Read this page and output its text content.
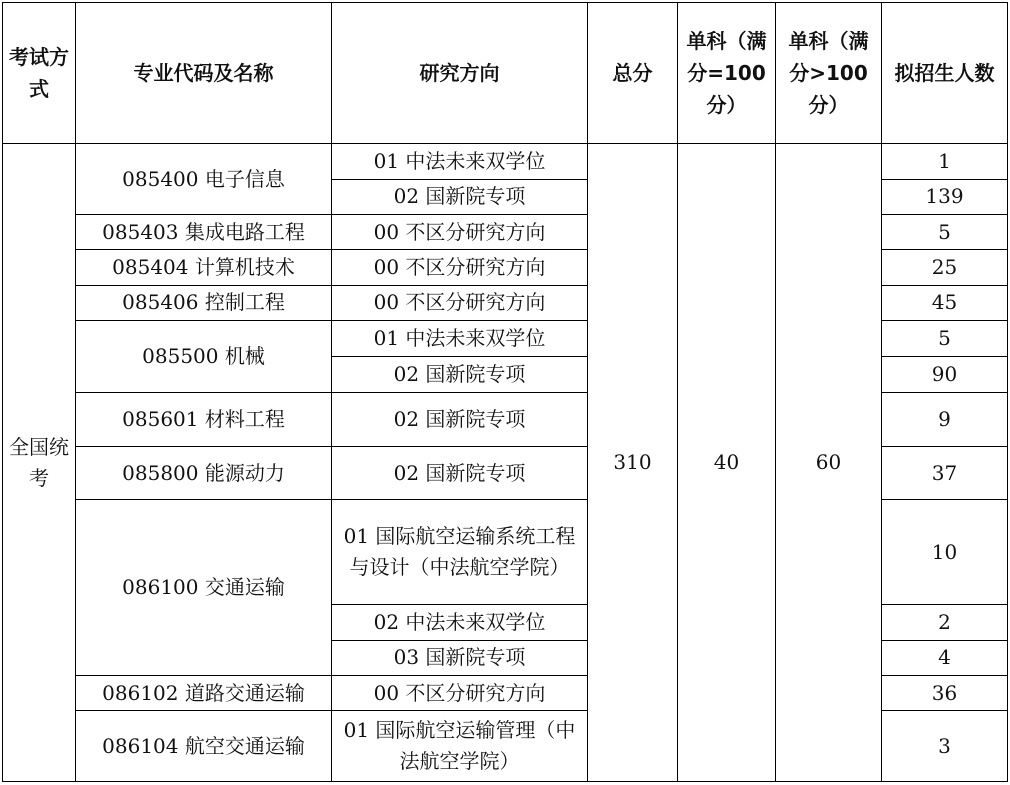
考试方式	专业代码及名称	研究方向	总分	单科（满分=100分）	单科（满分>100分）	拟招生人数
全国统考	085400 电子信息	01 中法未来双学位	310	40	60	1
		02 国新院专项				139
	085403 集成电路工程	00 不区分研究方向				5
	085404 计算机技术	00 不区分研究方向				25
	085406 控制工程	00 不区分研究方向				45
	085500 机械	01 中法未来双学位				5
		02 国新院专项				90
	085601 材料工程	02 国新院专项				9
	085800 能源动力	02 国新院专项				37
	086100 交通运输	01 国际航空运输系统工程与设计（中法航空学院）				10
		02 中法未来双学位				2
		03 国新院专项				4
	086102 道路交通运输	00 不区分研究方向				36
	086104 航空交通运输	01 国际航空运输管理（中法航空学院）				3
